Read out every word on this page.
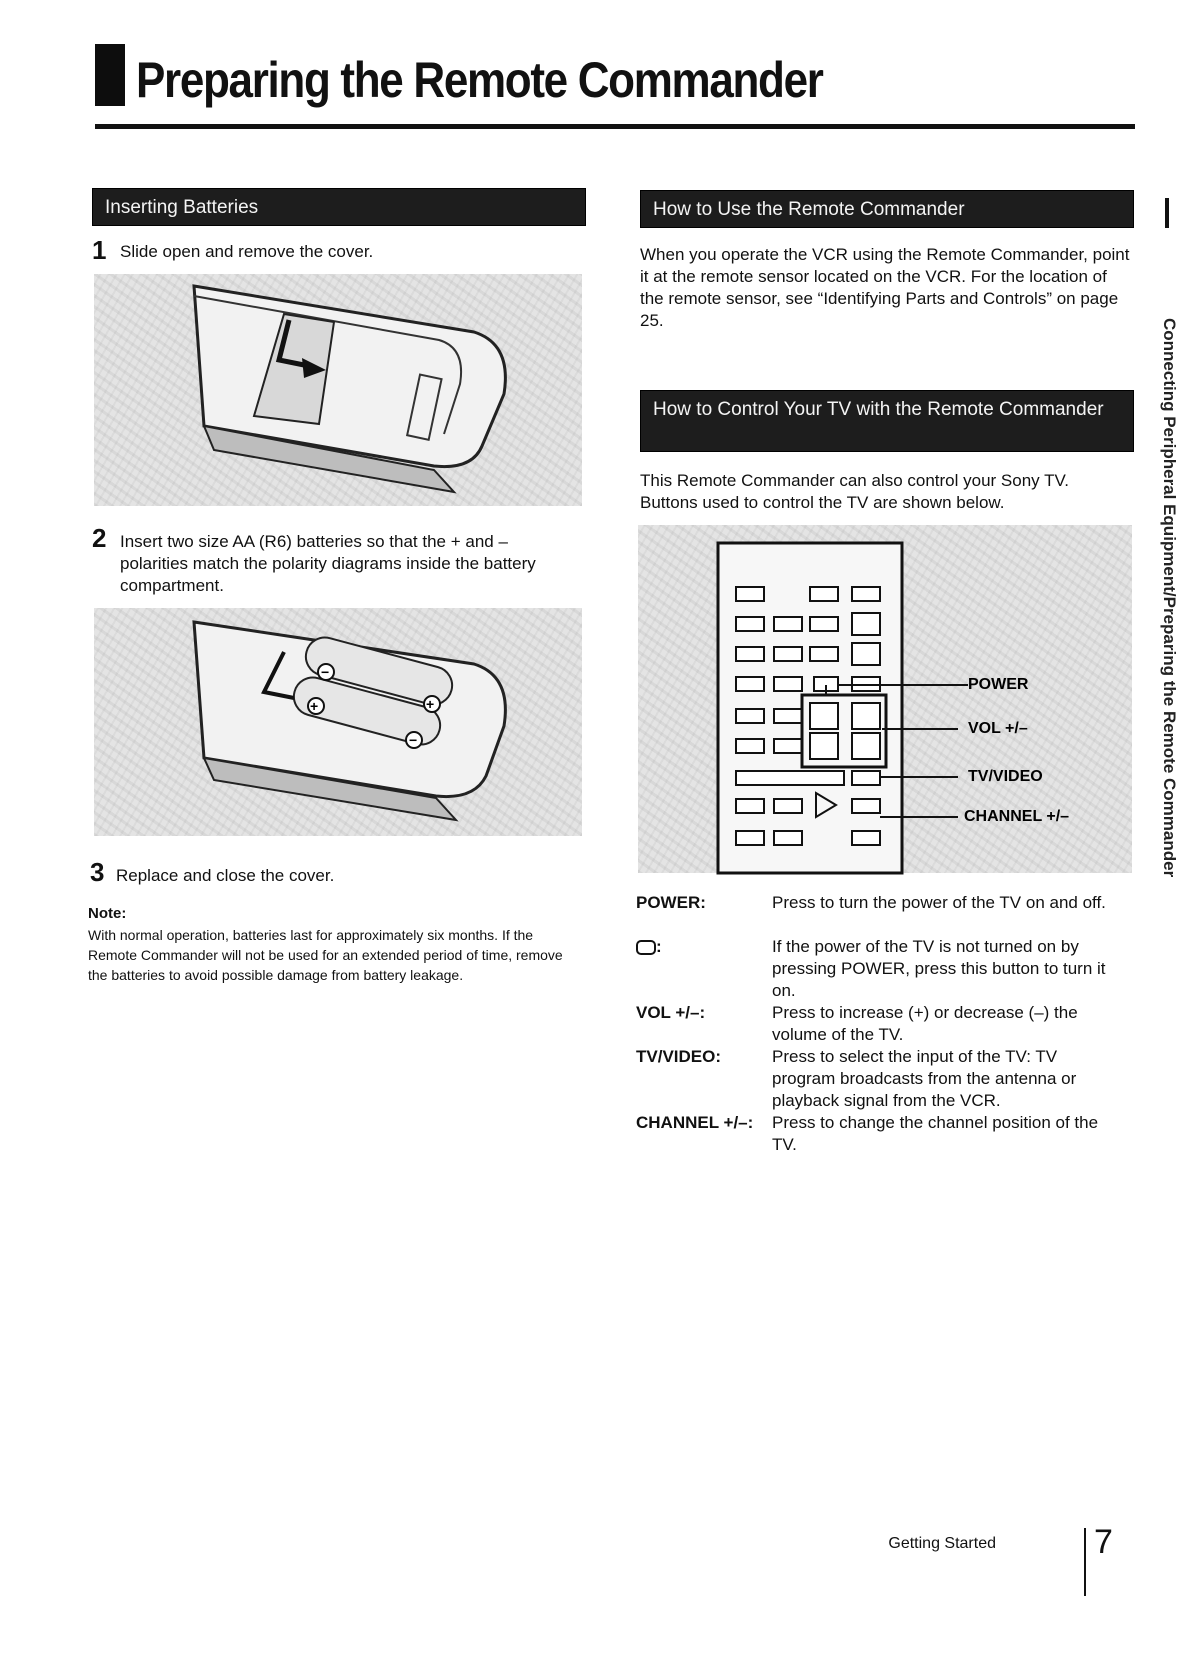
Preparing the Remote Commander
Inserting Batteries
1 Slide open and remove the cover.
2 Insert two size AA (R6) batteries so that the + and – polarities match the polarity diagrams inside the battery compartment.
−
+	+
−
3 Replace and close the cover.
Note:
With normal operation, batteries last for approximately six months. If the Remote Commander will not be used for an extended period of time, remove the batteries to avoid possible damage from battery leakage.
How to Use the Remote Commander
When you operate the VCR using the Remote Commander, point it at the remote sensor located on the VCR. For the location of the remote sensor, see “Identifying Parts and Controls” on page 25.
How to Control Your TV with the Remote Commander
This Remote Commander can also control your Sony TV. Buttons used to control the TV are shown below.
POWER
VOL +/–
TV/VIDEO
CHANNEL +/–
POWER:	Press to turn the power of the TV on and off.
:	If the power of the TV is not turned on by pressing POWER, press this button to turn it on.
VOL +/–:	Press to increase (+) or decrease (–) the volume of the TV.
TV/VIDEO:	Press to select the input of the TV: TV program broadcasts from the antenna or playback signal from the VCR.
CHANNEL +/–: Press to change the channel position of the TV.
Connecting Peripheral Equipment/Preparing the Remote Commander
Getting Started	7
